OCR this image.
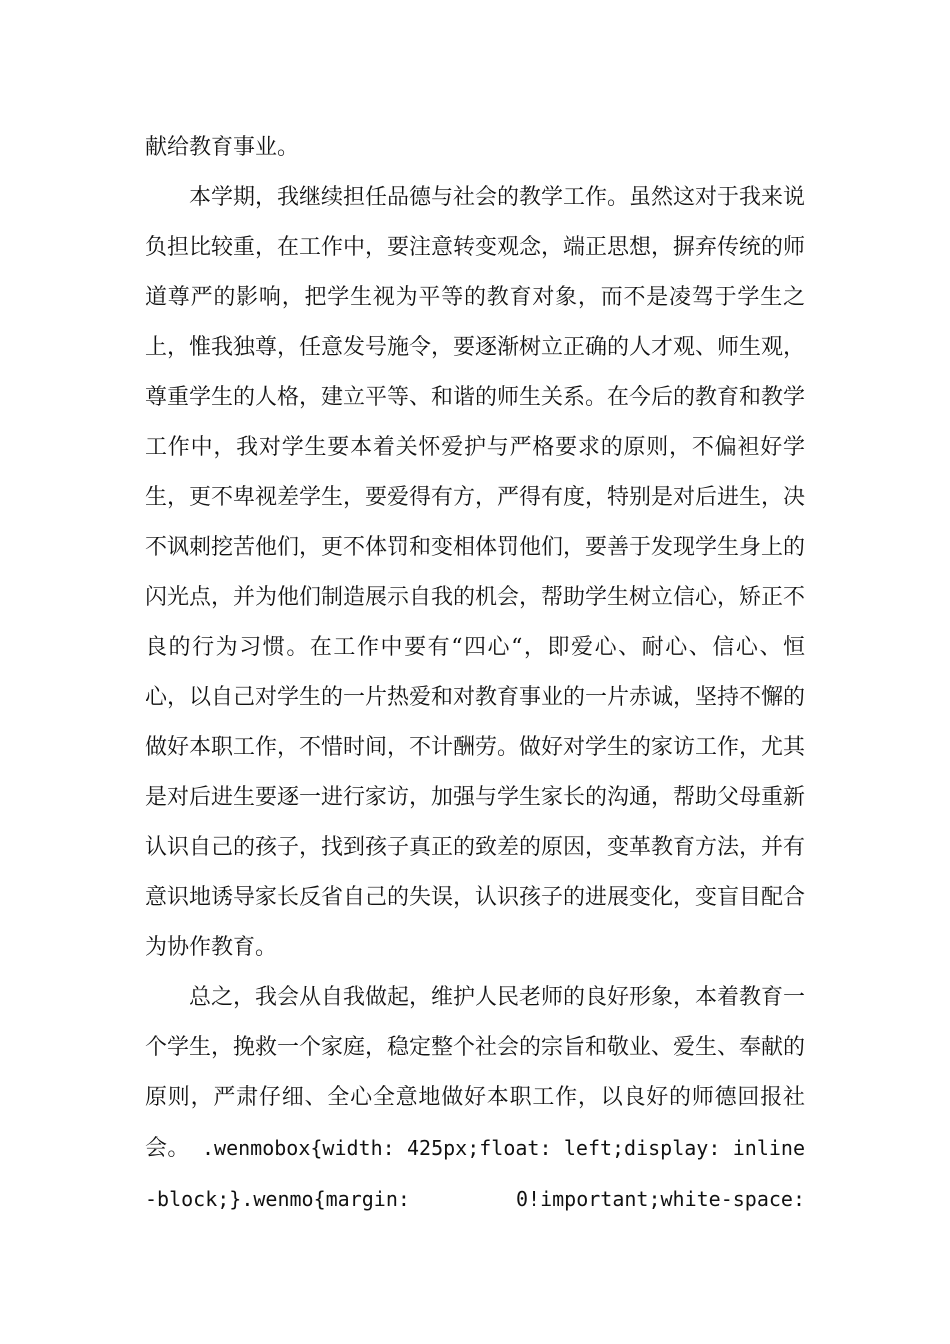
献给教育事业。

本学期，我继续担任品德与社会的教学工作。虽然这对于我来说负担比较重，在工作中，要注意转变观念，端正思想，摒弃传统的师道尊严的影响，把学生视为平等的教育对象，而不是凌驾于学生之上，惟我独尊，任意发号施令，要逐渐树立正确的人才观、师生观，尊重学生的人格，建立平等、和谐的师生关系。在今后的教育和教学工作中，我对学生要本着关怀爱护与严格要求的原则，不偏袒好学生，更不卑视差学生，要爱得有方，严得有度，特别是对后进生，决不讽刺挖苦他们，更不体罚和变相体罚他们，要善于发现学生身上的闪光点，并为他们制造展示自我的机会，帮助学生树立信心，矫正不良的行为习惯。在工作中要有“四心“，即爱心、耐心、信心、恒心，以自己对学生的一片热爱和对教育事业的一片赤诚，坚持不懈的做好本职工作，不惜时间，不计酬劳。做好对学生的家访工作，尤其是对后进生要逐一进行家访，加强与学生家长的沟通，帮助父母重新认识自己的孩子，找到孩子真正的致差的原因，变革教育方法，并有意识地诱导家长反省自己的失误，认识孩子的进展变化，变盲目配合为协作教育。

总之，我会从自我做起，维护人民老师的良好形象，本着教育一个学生，挽救一个家庭，稳定整个社会的宗旨和敬业、爱生、奉献的原则，严肃仔细、全心全意地做好本职工作，以良好的师德回报社会。 .wenmobox{width: 425px;float: left;display: inline-block;}.wenmo{margin: 0!important;white-space:
